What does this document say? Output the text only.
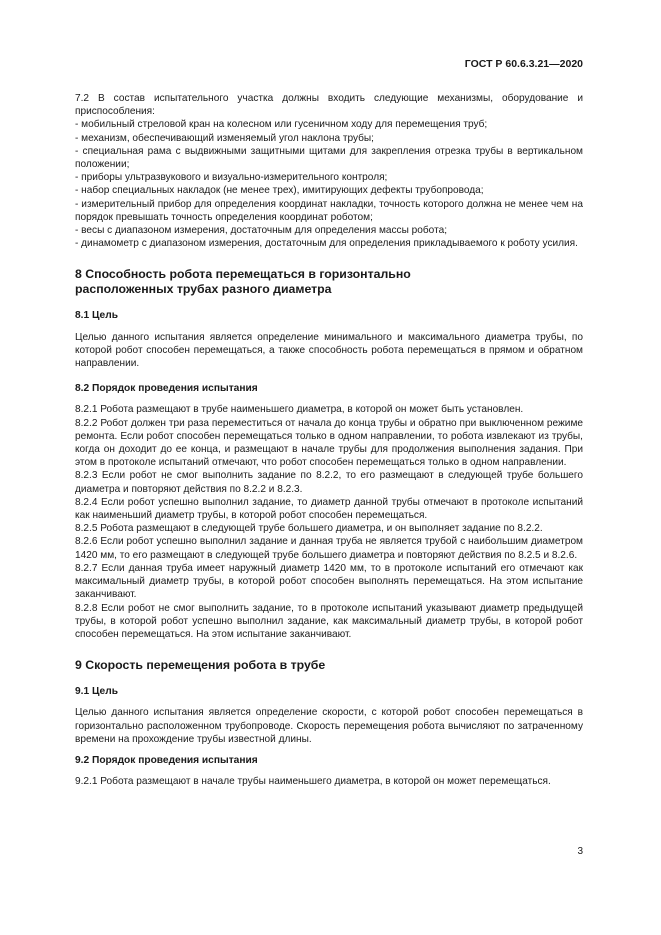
ГОСТ Р 60.6.3.21—2020

7.2 В состав испытательного участка должны входить следующие механизмы, оборудование и приспособления:

- мобильный стреловой кран на колесном или гусеничном ходу для перемещения труб;

- механизм, обеспечивающий изменяемый угол наклона трубы;

- специальная рама с выдвижными защитными щитами для закрепления отрезка трубы в вертикальном положении;

- приборы ультразвукового и визуально-измерительного контроля;

- набор специальных накладок (не менее трех), имитирующих дефекты трубопровода;

- измерительный прибор для определения координат накладки, точность которого должна не менее чем на порядок превышать точность определения координат роботом;

- весы с диапазоном измерения, достаточным для определения массы робота;

- динамометр с диапазоном измерения, достаточным для определения прикладываемого к роботу усилия.

8 Способность робота перемещаться в горизонтально
расположенных трубах разного диаметра
8.1 Цель

Целью данного испытания является определение минимального и максимального диаметра трубы, по которой робот способен перемещаться, а также способность робота перемещаться в прямом и обратном направлении.

8.2 Порядок проведения испытания

8.2.1 Робота размещают в трубе наименьшего диаметра, в которой он может быть установлен.

8.2.2 Робот должен три раза переместиться от начала до конца трубы и обратно при выключенном режиме ремонта. Если робот способен перемещаться только в одном направлении, то робота извлекают из трубы, когда он доходит до ее конца, и размещают в начале трубы для продолжения выполнения задания. При этом в протоколе испытаний отмечают, что робот способен перемещаться только в одном направлении.

8.2.3 Если робот не смог выполнить задание по 8.2.2, то его размещают в следующей трубе большего диаметра и повторяют действия по 8.2.2 и 8.2.3.

8.2.4 Если робот успешно выполнил задание, то диаметр данной трубы отмечают в протоколе испытаний как наименьший диаметр трубы, в которой робот способен перемещаться.

8.2.5 Робота размещают в следующей трубе большего диаметра, и он выполняет задание по 8.2.2.

8.2.6 Если робот успешно выполнил задание и данная труба не является трубой с наибольшим диаметром 1420 мм, то его размещают в следующей трубе большего диаметра и повторяют действия по 8.2.5 и 8.2.6.

8.2.7 Если данная труба имеет наружный диаметр 1420 мм, то в протоколе испытаний его отмечают как максимальный диаметр трубы, в которой робот способен выполнять перемещаться. На этом испытание заканчивают.

8.2.8 Если робот не смог выполнить задание, то в протоколе испытаний указывают диаметр предыдущей трубы, в которой робот успешно выполнил задание, как максимальный диаметр трубы, в которой робот способен перемещаться. На этом испытание заканчивают.

9 Скорость перемещения робота в трубе
9.1 Цель

Целью данного испытания является определение скорости, с которой робот способен перемещаться в горизонтально расположенном трубопроводе. Скорость перемещения робота вычисляют по затраченному времени на прохождение трубы известной длины.

9.2 Порядок проведения испытания

9.2.1 Робота размещают в начале трубы наименьшего диаметра, в которой он может перемещаться.

3
